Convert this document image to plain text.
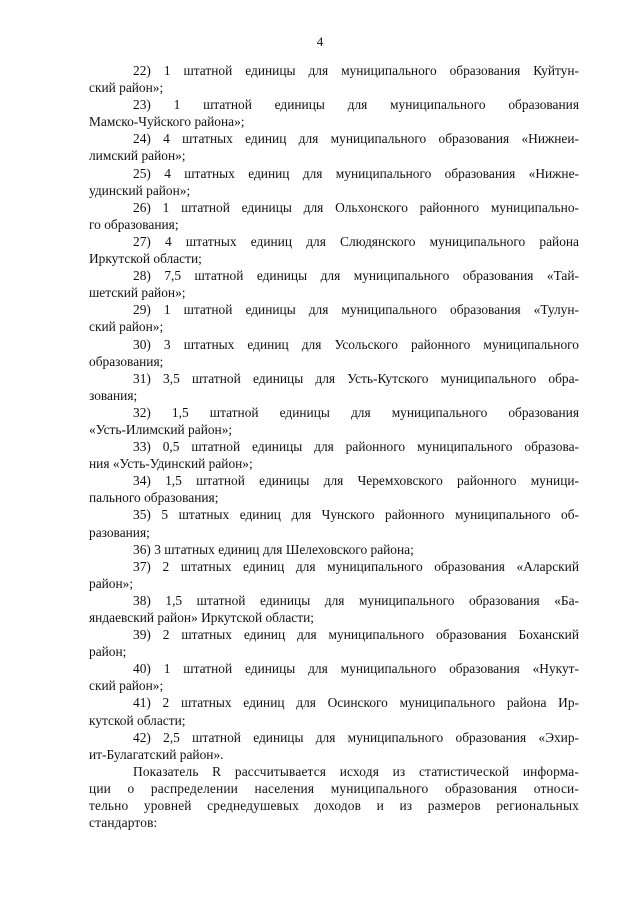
4
22) 1 штатной единицы для муниципального образования Куйтун-
ский район»;
23) 1 штатной единицы для муниципального образования
Мамско-Чуйского района»;
24) 4 штатных единиц для муниципального образования «Нижнеи-
лимский район»;
25) 4 штатных единиц для муниципального образования «Нижне-
удинский район»;
26) 1 штатной единицы для Ольхонского районного муниципально-
го образования;
27) 4 штатных единиц для Слюдянского муниципального района
Иркутской области;
28) 7,5 штатной единицы для муниципального образования «Тай-
шетский район»;
29) 1 штатной единицы для муниципального образования «Тулун-
ский район»;
30) 3 штатных единиц для Усольского районного муниципального
образования;
31) 3,5 штатной единицы для Усть-Кутского муниципального обра-
зования;
32) 1,5 штатной единицы для муниципального образования
«Усть-Илимский район»;
33) 0,5 штатной единицы для районного муниципального образова-
ния «Усть-Удинский район»;
34) 1,5 штатной единицы для Черемховского районного муници-
пального образования;
35) 5 штатных единиц для Чунского районного муниципального об-
разования;
36) 3 штатных единиц для Шелеховского района;
37) 2 штатных единиц для муниципального образования «Аларский
район»;
38) 1,5 штатной единицы для муниципального образования «Ба-
яндаевский район» Иркутской области;
39) 2 штатных единиц для муниципального образования Боханский
район;
40) 1 штатной единицы для муниципального образования «Нукут-
ский район»;
41) 2 штатных единиц для Осинского муниципального района Ир-
кутской области;
42) 2,5 штатной единицы для муниципального образования «Эхир-
ит-Булагатский район».
Показатель R рассчитывается исходя из статистической информа-
ции о распределении населения муниципального образования относи-
тельно уровней среднедушевых доходов и из размеров региональных
стандартов:
